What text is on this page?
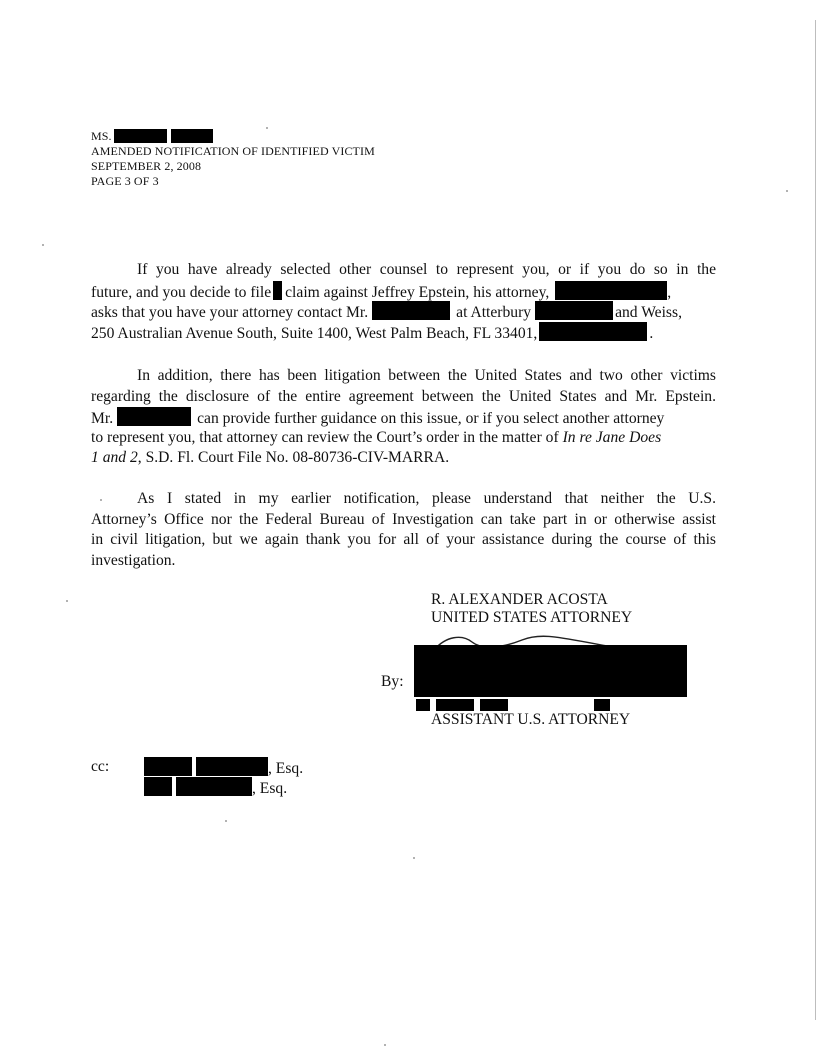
MS.
AMENDED NOTIFICATION OF IDENTIFIED VICTIM
SEPTEMBER 2, 2008
PAGE 3 OF 3
If you have already selected other counsel to represent you, or if you do so in the
future, and you decide to file claim against Jeffrey Epstein, his attorney,	,
asks that you have your attorney contact Mr.	at Atterbury	and Weiss,
250 Australian Avenue South, Suite 1400, West Palm Beach, FL 33401,	.
In addition, there has been litigation between the United States and two other victims
regarding the disclosure of the entire agreement between the United States and Mr. Epstein.
Mr.	can provide further guidance on this issue, or if you select another attorney
to represent you, that attorney can review the Court’s order in the matter of In re Jane Does
1 and 2, S.D. Fl. Court File No. 08-80736-CIV-MARRA.
As I stated in my earlier notification, please understand that neither the U.S.
Attorney’s Office nor the Federal Bureau of Investigation can take part in or otherwise assist
in civil litigation, but we again thank you for all of your assistance during the course of this
investigation.
R. ALEXANDER ACOSTA
UNITED STATES ATTORNEY
By:
ASSISTANT U.S. ATTORNEY
cc:	, Esq.
, Esq.
